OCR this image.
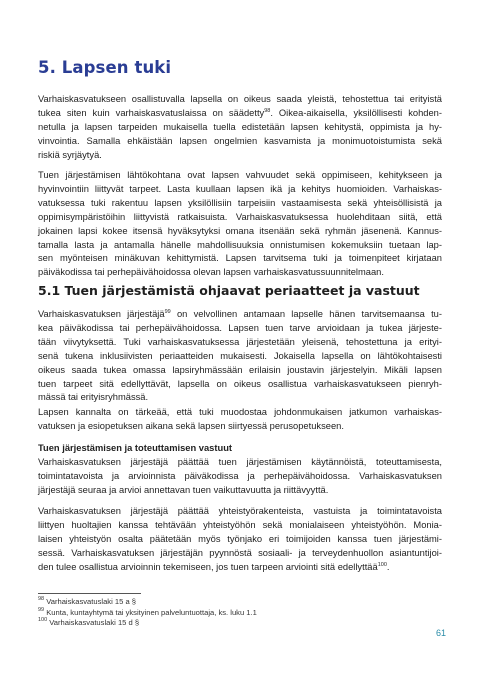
5. Lapsen tuki

Varhaiskasvatukseen osallistuvalla lapsella on oikeus saada yleistä, tehostettua tai erityistä
tukea siten kuin varhaiskasvatuslaissa on säädetty$^{98}$. Oikea-aikaisella, yksilöllisesti kohden-
netulla ja lapsen tarpeiden mukaisella tuella edistetään lapsen kehitystä, oppimista ja hy-
vinvointia. Samalla ehkäistään lapsen ongelmien kasvamista ja monimuotoistumista sekä
riskiä syrjäytyä.

Tuen järjestämisen lähtökohtana ovat lapsen vahvuudet sekä oppimiseen, kehitykseen ja
hyvinvointiin liittyvät tarpeet. Lasta kuullaan lapsen ikä ja kehitys huomioiden. Varhaiskas-
vatuksessa tuki rakentuu lapsen yksilöllisiin tarpeisiin vastaamisesta sekä yhteisöllisistä ja
oppimisympäristöihin liittyvistä ratkaisuista. Varhaiskasvatuksessa huolehditaan siitä, että
jokainen lapsi kokee itsensä hyväksytyksi omana itsenään sekä ryhmän jäsenenä. Kannus-
tamalla lasta ja antamalla hänelle mahdollisuuksia onnistumisen kokemuksiin tuetaan lap-
sen myönteisen minäkuvan kehittymistä. Lapsen tarvitsema tuki ja toimenpiteet kirjataan
päiväkodissa tai perhepäivähoidossa olevan lapsen varhaiskasvatussuunnitelmaan.

5.1 Tuen järjestämistä ohjaavat periaatteet ja vastuut

Varhaiskasvatuksen järjestäjä$^{99}$ on velvollinen antamaan lapselle hänen tarvitsemaansa tu-
kea päiväkodissa tai perhepäivähoidossa. Lapsen tuen tarve arvioidaan ja tukea järjeste-
tään viivytyksettä. Tuki varhaiskasvatuksessa järjestetään yleisenä, tehostettuna ja erityi-
senä tukena inklusiivisten periaatteiden mukaisesti. Jokaisella lapsella on lähtökohtaisesti
oikeus saada tukea omassa lapsiryhmässään erilaisin joustavin järjestelyin. Mikäli lapsen
tuen tarpeet sitä edellyttävät, lapsella on oikeus osallistua varhaiskasvatukseen pienryh-
mässä tai erityisryhmässä.

Lapsen kannalta on tärkeää, että tuki muodostaa johdonmukaisen jatkumon varhaiskas-
vatuksen ja esiopetuksen aikana sekä lapsen siirtyessä perusopetukseen.

Tuen järjestämisen ja toteuttamisen vastuut

Varhaiskasvatuksen järjestäjä päättää tuen järjestämisen käytännöistä, toteuttamisesta,
toimintatavoista ja arvioinnista päiväkodissa ja perhepäivähoidossa. Varhaiskasvatuksen
järjestäjä seuraa ja arvioi annettavan tuen vaikuttavuutta ja riittävyyttä.

Varhaiskasvatuksen järjestäjä päättää yhteistyörakenteista, vastuista ja toimintatavoista
liittyen huoltajien kanssa tehtävään yhteistyöhön sekä monialaiseen yhteistyöhön. Monia-
laisen yhteistyön osalta päätetään myös työnjako eri toimijoiden kanssa tuen järjestämi-
sessä. Varhaiskasvatuksen järjestäjän pyynnöstä sosiaali- ja terveydenhuollon asiantuntijoi-
den tulee osallistua arvioinnin tekemiseen, jos tuen tarpeen arviointi sitä edellyttää$^{100}$.

$^{98}$ Varhaiskasvatuslaki 15 a §
$^{99}$ Kunta, kuntayhtymä tai yksityinen palveluntuottaja, ks. luku 1.1
$^{100}$ Varhaiskasvatuslaki 15 d §
61
